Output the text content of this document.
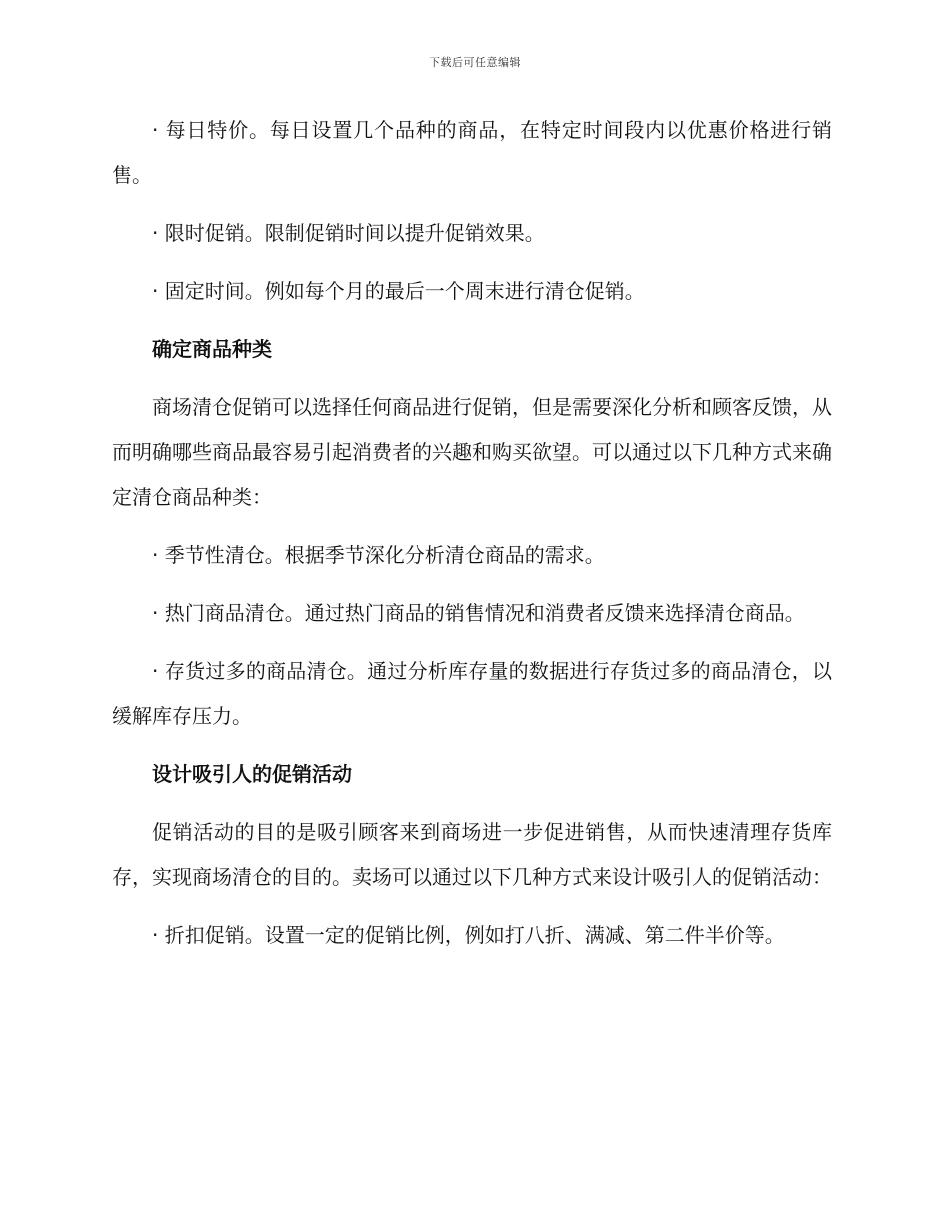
下载后可任意编辑

· 每日特价。每日设置几个品种的商品，在特定时间段内以优惠价格进行销售。

· 限时促销。限制促销时间以提升促销效果。

· 固定时间。例如每个月的最后一个周末进行清仓促销。

确定商品种类

商场清仓促销可以选择任何商品进行促销，但是需要深化分析和顾客反馈，从而明确哪些商品最容易引起消费者的兴趣和购买欲望。可以通过以下几种方式来确定清仓商品种类：

· 季节性清仓。根据季节深化分析清仓商品的需求。

· 热门商品清仓。通过热门商品的销售情况和消费者反馈来选择清仓商品。

· 存货过多的商品清仓。通过分析库存量的数据进行存货过多的商品清仓，以缓解库存压力。

设计吸引人的促销活动

促销活动的目的是吸引顾客来到商场进一步促进销售，从而快速清理存货库存，实现商场清仓的目的。卖场可以通过以下几种方式来设计吸引人的促销活动：

· 折扣促销。设置一定的促销比例，例如打八折、满减、第二件半价等。
